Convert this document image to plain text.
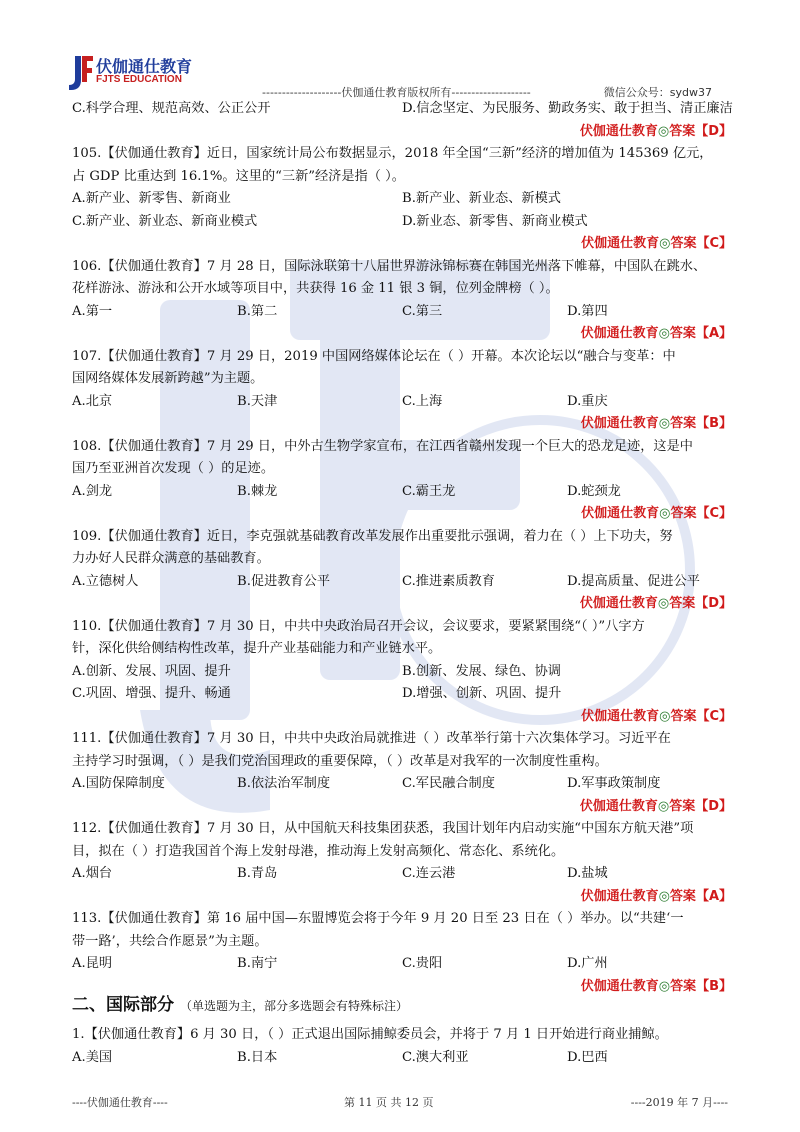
伏伽通仕教育
FJTS EDUCATION
--------------------伏伽通仕教育版权所有--------------------	微信公众号：sydw37
C.科学合理、规范高效、公正公开	D.信念坚定、为民服务、勤政务实、敢于担当、清正廉洁
伏伽通仕教育◎答案【D】
105.【伏伽通仕教育】近日，国家统计局公布数据显示，2018 年全国“三新”经济的增加值为 145369 亿元，
占 GDP 比重达到 16.1%。这里的“三新”经济是指（ ）。
A.新产业、新零售、新商业	B.新产业、新业态、新模式
C.新产业、新业态、新商业模式	D.新业态、新零售、新商业模式
伏伽通仕教育◎答案【C】
106.【伏伽通仕教育】7 月 28 日，国际泳联第十八届世界游泳锦标赛在韩国光州落下帷幕，中国队在跳水、
花样游泳、游泳和公开水域等项目中，共获得 16 金 11 银 3 铜，位列金牌榜（ ）。
A.第一	B.第二	C.第三	D.第四
伏伽通仕教育◎答案【A】
107.【伏伽通仕教育】7 月 29 日，2019 中国网络媒体论坛在（ ）开幕。本次论坛以“融合与变革：中
国网络媒体发展新跨越”为主题。
A.北京	B.天津	C.上海	D.重庆
伏伽通仕教育◎答案【B】
108.【伏伽通仕教育】7 月 29 日，中外古生物学家宣布，在江西省赣州发现一个巨大的恐龙足迹，这是中
国乃至亚洲首次发现（ ）的足迹。
A.剑龙	B.棘龙	C.霸王龙	D.蛇颈龙
伏伽通仕教育◎答案【C】
109.【伏伽通仕教育】近日，李克强就基础教育改革发展作出重要批示强调，着力在（ ）上下功夫，努
力办好人民群众满意的基础教育。
A.立德树人	B.促进教育公平	C.推进素质教育	D.提高质量、促进公平
伏伽通仕教育◎答案【D】
110.【伏伽通仕教育】7 月 30 日，中共中央政治局召开会议，会议要求，要紧紧围绕“（ ）”八字方
针，深化供给侧结构性改革，提升产业基础能力和产业链水平。
A.创新、发展、巩固、提升	B.创新、发展、绿色、协调
C.巩固、增强、提升、畅通	D.增强、创新、巩固、提升
伏伽通仕教育◎答案【C】
111.【伏伽通仕教育】7 月 30 日，中共中央政治局就推进（ ）改革举行第十六次集体学习。习近平在
主持学习时强调，（ ）是我们党治国理政的重要保障，（ ）改革是对我军的一次制度性重构。
A.国防保障制度	B.依法治军制度	C.军民融合制度	D.军事政策制度
伏伽通仕教育◎答案【D】
112.【伏伽通仕教育】7 月 30 日，从中国航天科技集团获悉，我国计划年内启动实施“中国东方航天港”项
目，拟在（ ）打造我国首个海上发射母港，推动海上发射高频化、常态化、系统化。
A.烟台	B.青岛	C.连云港	D.盐城
伏伽通仕教育◎答案【A】
113.【伏伽通仕教育】第 16 届中国—东盟博览会将于今年 9 月 20 日至 23 日在（ ）举办。以“共建‘一
带一路’，共绘合作愿景”为主题。
A.昆明	B.南宁	C.贵阳	D.广州
伏伽通仕教育◎答案【B】
二、国际部分 （单选题为主，部分多选题会有特殊标注）
1.【伏伽通仕教育】6 月 30 日，（ ）正式退出国际捕鲸委员会，并将于 7 月 1 日开始进行商业捕鲸。
A.美国	B.日本	C.澳大利亚	D.巴西
----伏伽通仕教育----	第 11 页 共 12 页	----2019 年 7 月----
